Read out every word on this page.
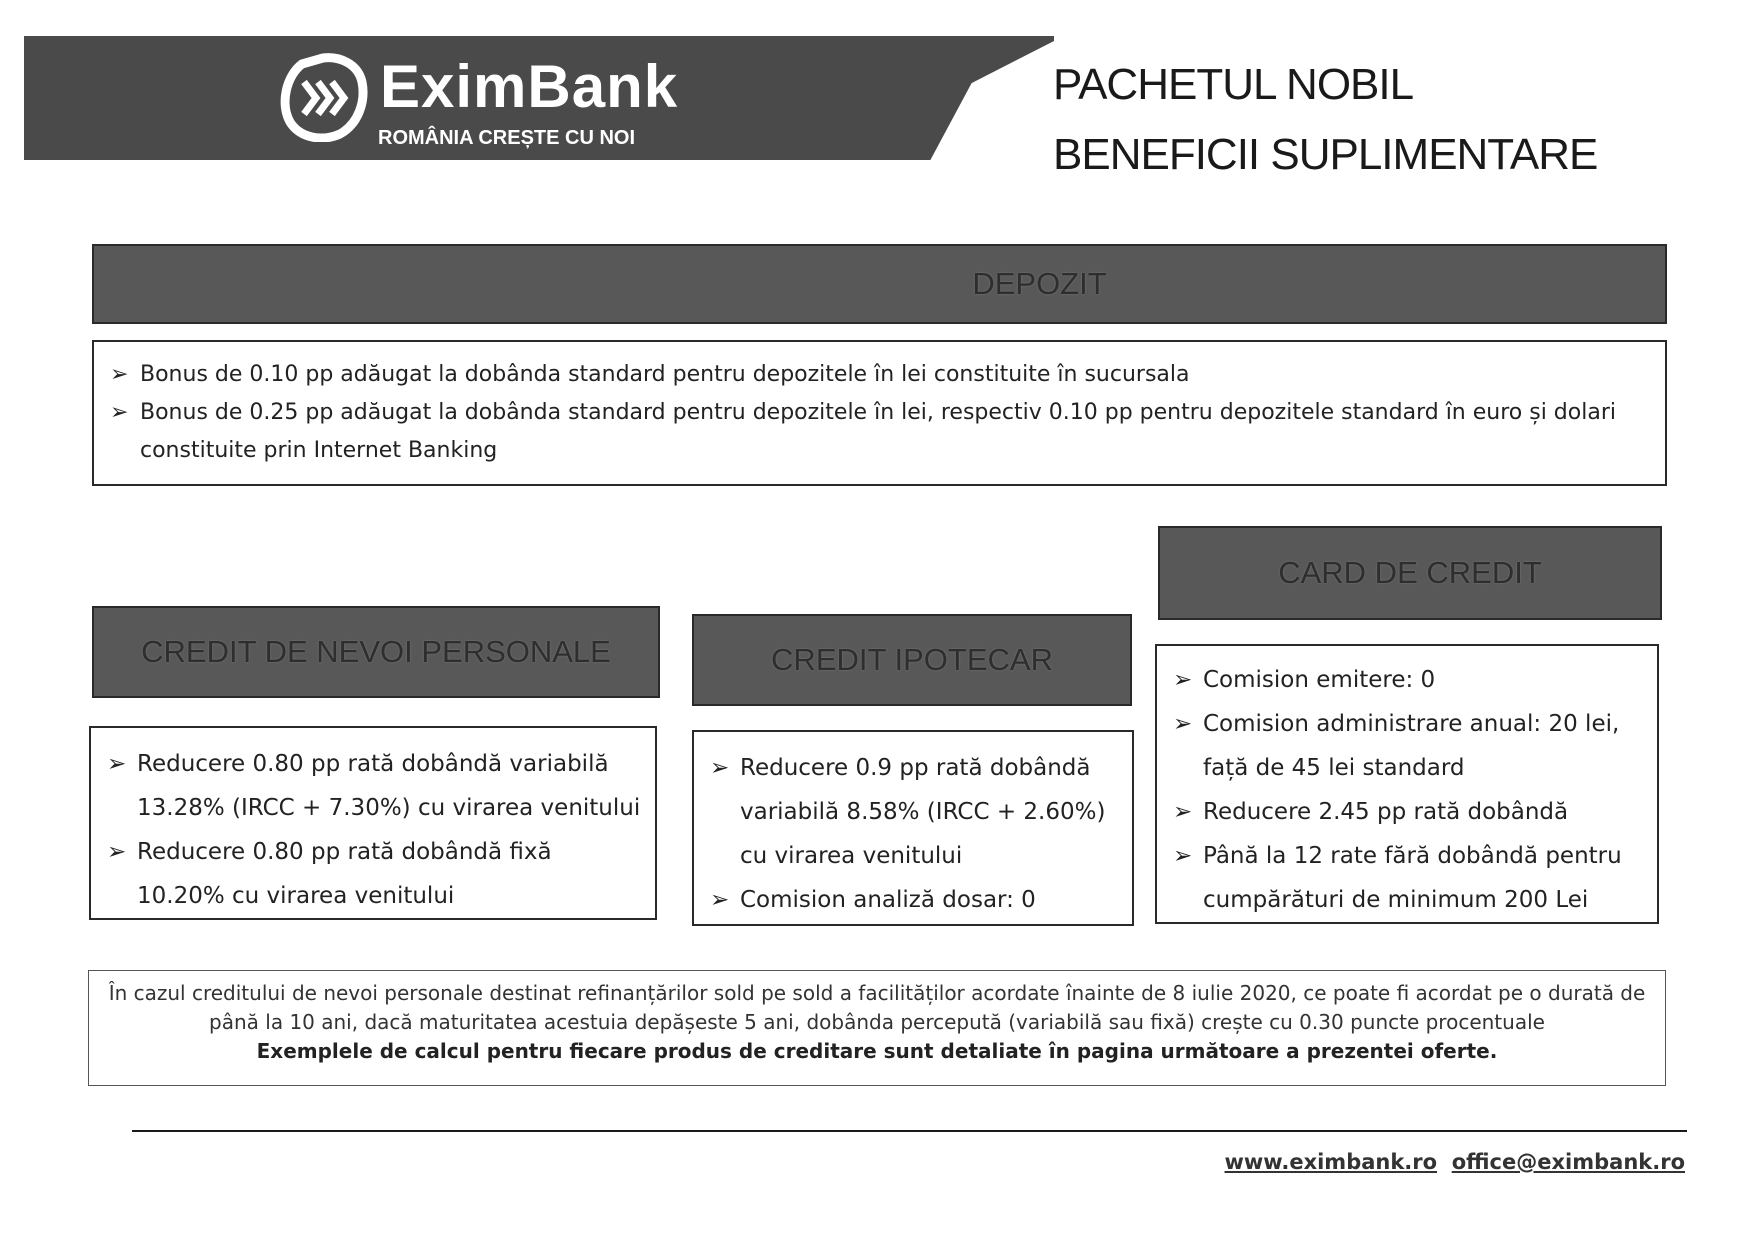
EximBank
ROMÂNIA CREȘTE CU NOI
PACHETUL NOBIL
BENEFICII SUPLIMENTARE
DEPOZIT
➢ Bonus de 0.10 pp adăugat la dobânda standard pentru depozitele în lei constituite în sucursala
➢ Bonus de 0.25 pp adăugat la dobânda standard pentru depozitele în lei, respectiv 0.10 pp pentru depozitele standard în euro și dolari constituite prin Internet Banking
CREDIT DE NEVOI PERSONALE
➢ Reducere 0.80 pp rată dobândă variabilă 13.28% (IRCC + 7.30%) cu virarea venitului
➢ Reducere 0.80 pp rată dobândă fixă 10.20% cu virarea venitului
CREDIT IPOTECAR
➢ Reducere 0.9 pp rată dobândă variabilă 8.58% (IRCC + 2.60%) cu virarea venitului
➢ Comision analiză dosar: 0
CARD DE CREDIT
➢ Comision emitere: 0
➢ Comision administrare anual: 20 lei, față de 45 lei standard
➢ Reducere 2.45 pp rată dobândă
➢ Până la 12 rate fără dobândă pentru cumpărături de minimum 200 Lei
În cazul creditului de nevoi personale destinat refinanțărilor sold pe sold a facilităților acordate înainte de 8 iulie 2020, ce poate fi acordat pe o durată de până la 10 ani, dacă maturitatea acestuia depășeste 5 ani, dobânda percepută (variabilă sau fixă) crește cu 0.30 puncte procentuale
Exemplele de calcul pentru fiecare produs de creditare sunt detaliate în pagina următoare a prezentei oferte.
www.eximbank.ro office@eximbank.ro
